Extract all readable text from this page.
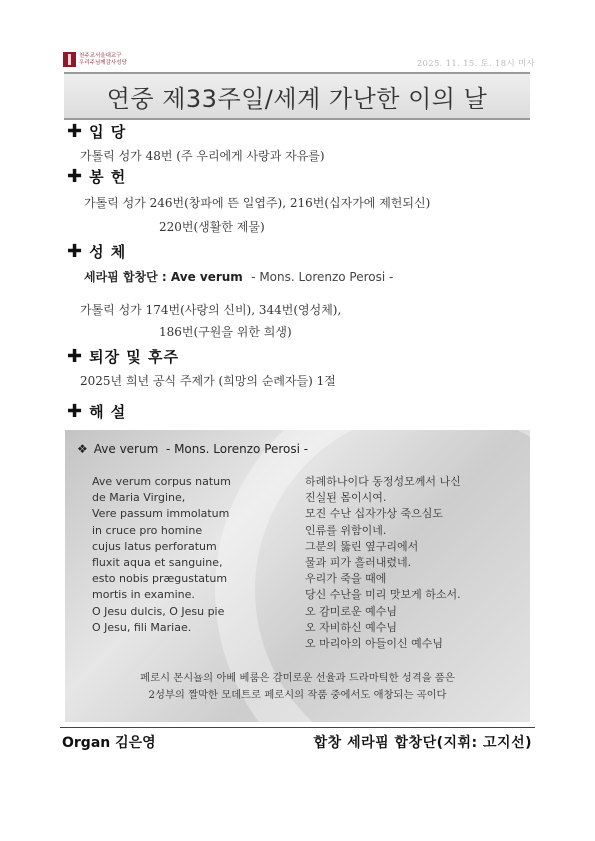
천주교서울대교구
우리주님께감사성당	2025. 11. 15. 토. 18시 미사
연중 제33주일/세계 가난한 이의 날
✚ 입 당
가톨릭 성가 48번 (주 우리에게 사랑과 자유를)
✚ 봉 헌
가톨릭 성가 246번(창파에 뜬 일엽주), 216번(십자가에 제헌되신)
220번(생활한 제물)
✚ 성 체
세라핌 합창단 : Ave verum - Mons. Lorenzo Perosi -
가톨릭 성가 174번(사랑의 신비), 344번(영성체),
186번(구원을 위한 희생)
✚ 퇴장 및 후주
2025년 희년 공식 주제가 (희망의 순례자들) 1절
✚ 해 설
❖ Ave verum - Mons. Lorenzo Perosi -
Ave verum corpus natum
de Maria Virgine,
Vere passum immolatum
in cruce pro homine
cujus latus perforatum
fluxit aqua et sanguine,
esto nobis prægustatum
mortis in examine.
O Jesu dulcis, O Jesu pie
O Jesu, fili Mariae.
하례하나이다 동정성모께서 나신
진실된 몸이시여.
모진 수난 십자가상 죽으심도
인류를 위함이네.
그분의 뚫린 옆구리에서
물과 피가 흘러내렸네.
우리가 죽을 때에
당신 수난을 미리 맛보게 하소서.
오 감미로운 예수님
오 자비하신 예수님
오 마리아의 아들이신 예수님
페로시 몬시뇰의 아베 베룸은 감미로운 선율과 드라마틱한 성격을 품은
2성부의 짤막한 모데트로 페로시의 작품 중에서도 애창되는 곡이다
Organ 김은영	합창 세라핌 합창단(지휘: 고지선)
